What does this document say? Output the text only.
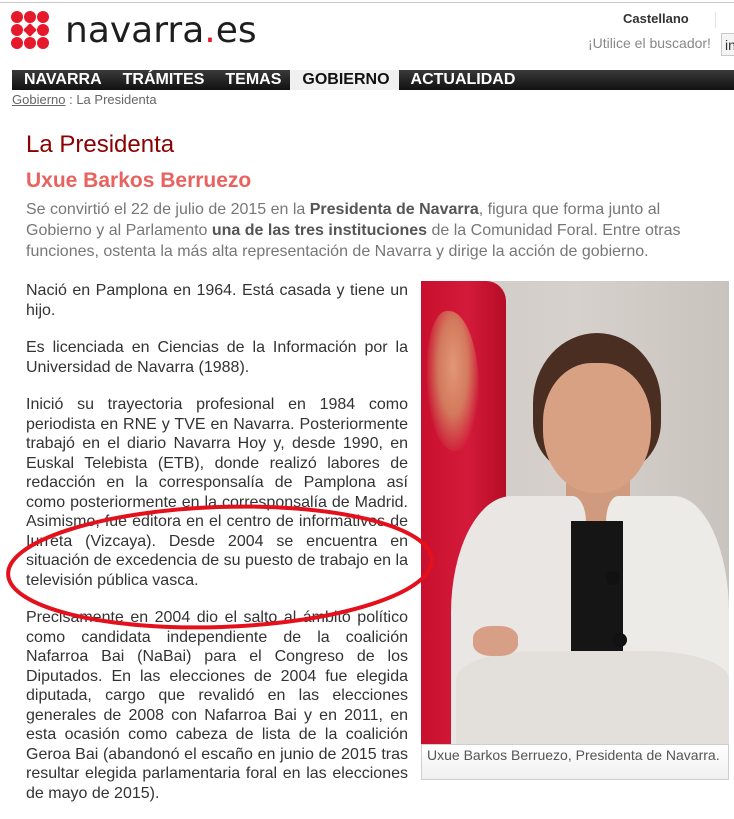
navarra.es	Castellano
¡Utilice el buscador!
in
NAVARRA	TRÁMITES	TEMAS	GOBIERNO	ACTUALIDAD
Gobierno : La Presidenta
La Presidenta
Uxue Barkos Berruezo

Se convirtió el 22 de julio de 2015 en la Presidenta de Navarra, figura que forma junto al Gobierno y al Parlamento una de las tres instituciones de la Comunidad Foral. Entre otras funciones, ostenta la más alta representación de Navarra y dirige la acción de gobierno.

Nació en Pamplona en 1964. Está casada y tiene un hijo.

Es licenciada en Ciencias de la Información por la Universidad de Navarra (1988).

Inició su trayectoria profesional en 1984 como periodista en RNE y TVE en Navarra. Posteriormente trabajó en el diario Navarra Hoy y, desde 1990, en Euskal Telebista (ETB), donde realizó labores de redacción en la corresponsalía de Pamplona así como posteriormente en la corresponsalía de Madrid. Asimismo, fue editora en el centro de informativos de Iurreta (Vizcaya). Desde 2004 se encuentra en situación de excedencia de su puesto de trabajo en la televisión pública vasca.

Precisamente en 2004 dio el salto al ámbito político como candidata independiente de la coalición Nafarroa Bai (NaBai) para el Congreso de los Diputados. En las elecciones de 2004 fue elegida diputada, cargo que revalidó en las elecciones generales de 2008 con Nafarroa Bai y en 2011, en esta ocasión como cabeza de lista de la coalición Geroa Bai (abandonó el escaño en junio de 2015 tras resultar elegida parlamentaria foral en las elecciones de mayo de 2015).

Uxue Barkos Berruezo, Presidenta de Navarra.
